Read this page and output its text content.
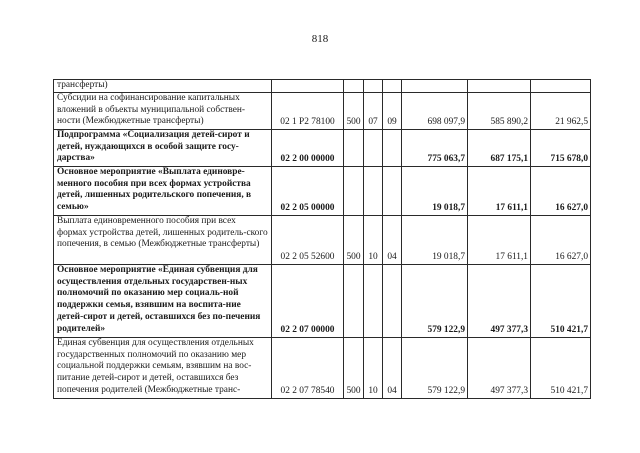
818
трансферты)							
Субсидии на софинансирование капитальных вложений в объекты муниципальной собствен-ности (Межбюджетные трансферты)	02 1 P2 78100	500	07	09	698 097,9	585 890,2	21 962,5
Подпрограмма «Социализация детей-сирот и детей, нуждающихся в особой защите госу-дарства»	02 2 00 00000				775 063,7	687 175,1	715 678,0
Основное мероприятие «Выплата единовре-менного пособия при всех формах устройства детей, лишенных родительского попечения, в семью»	02 2 05 00000				19 018,7	17 611,1	16 627,0
Выплата единовременного пособия при всех формах устройства детей, лишенных родитель-ского попечения, в семью (Межбюджетные трансферты)	02 2 05 52600	500	10	04	19 018,7	17 611,1	16 627,0
Основное мероприятие «Единая субвенция для осуществления отдельных государствен-ных полномочий по оказанию мер социаль-ной поддержки семья, взявшим на воспита-ние детей-сирот и детей, оставшихся без по-печения родителей»	02 2 07 00000				579 122,9	497 377,3	510 421,7
Единая субвенция для осуществления отдельных государственных полномочий по оказанию мер социальной поддержки семьям, взявшим на вос-питание детей-сирот и детей, оставшихся без попечения родителей (Межбюджетные транс-	02 2 07 78540	500	10	04	579 122,9	497 377,3	510 421,7
